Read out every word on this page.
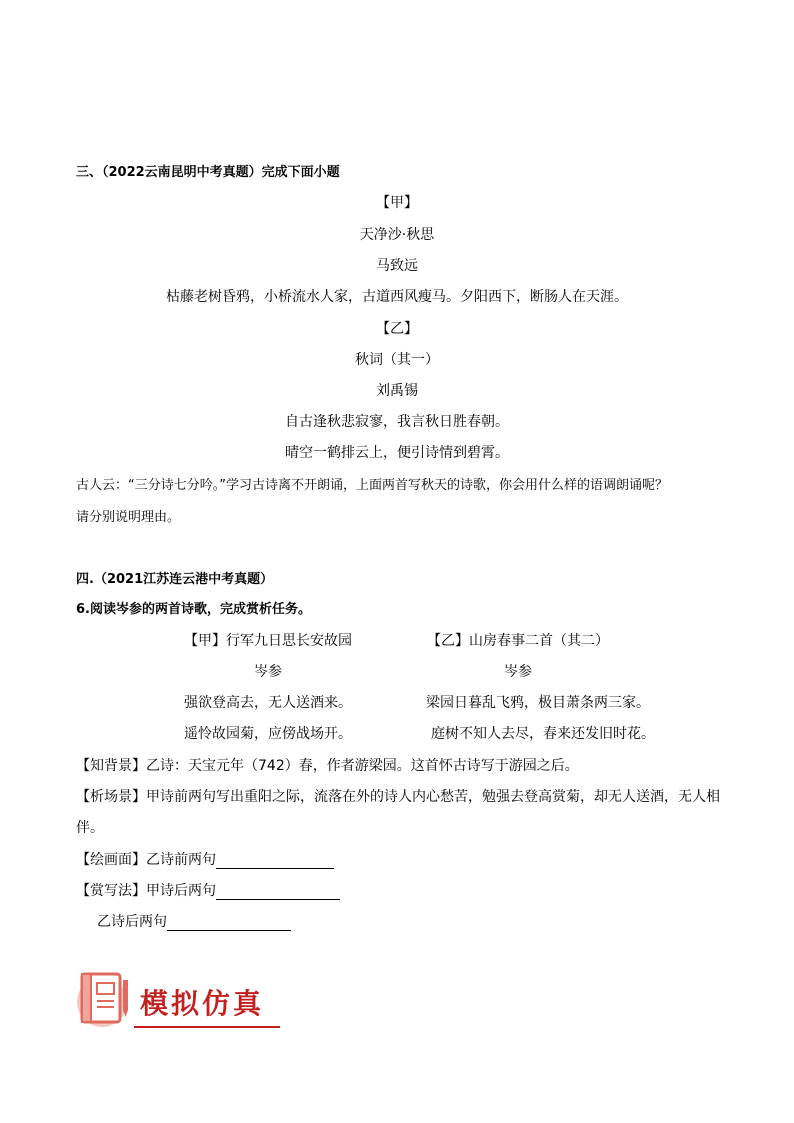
三、（2022云南昆明中考真题）完成下面小题
【甲】
天净沙·秋思
马致远
枯藤老树昏鸦，小桥流水人家，古道西风瘦马。夕阳西下，断肠人在天涯。
【乙】
秋词（其一）
刘禹锡
自古逢秋悲寂寥，我言秋日胜春朝。
晴空一鹤排云上，便引诗情到碧霄。
古人云：“三分诗七分吟。”学习古诗离不开朗诵，上面两首写秋天的诗歌，你会用什么样的语调朗诵呢？
请分别说明理由。
四.（2021江苏连云港中考真题）
6.阅读岑参的两首诗歌，完成赏析任务。
【甲】行军九日思长安故园
岑参
强欲登高去，无人送酒来。
遥怜故园菊，应傍战场开。
【乙】山房春事二首（其二）
岑参
梁园日暮乱飞鸦，极目萧条两三家。
庭树不知人去尽，春来还发旧时花。
【知背景】乙诗：天宝元年（742）春，作者游梁园。这首怀古诗写于游园之后。
【析场景】甲诗前两句写出重阳之际，流落在外的诗人内心愁苦，勉强去登高赏菊，却无人送酒，无人相
伴。
【绘画面】乙诗前两句
【赏写法】甲诗后两句
乙诗后两句
模拟仿真
